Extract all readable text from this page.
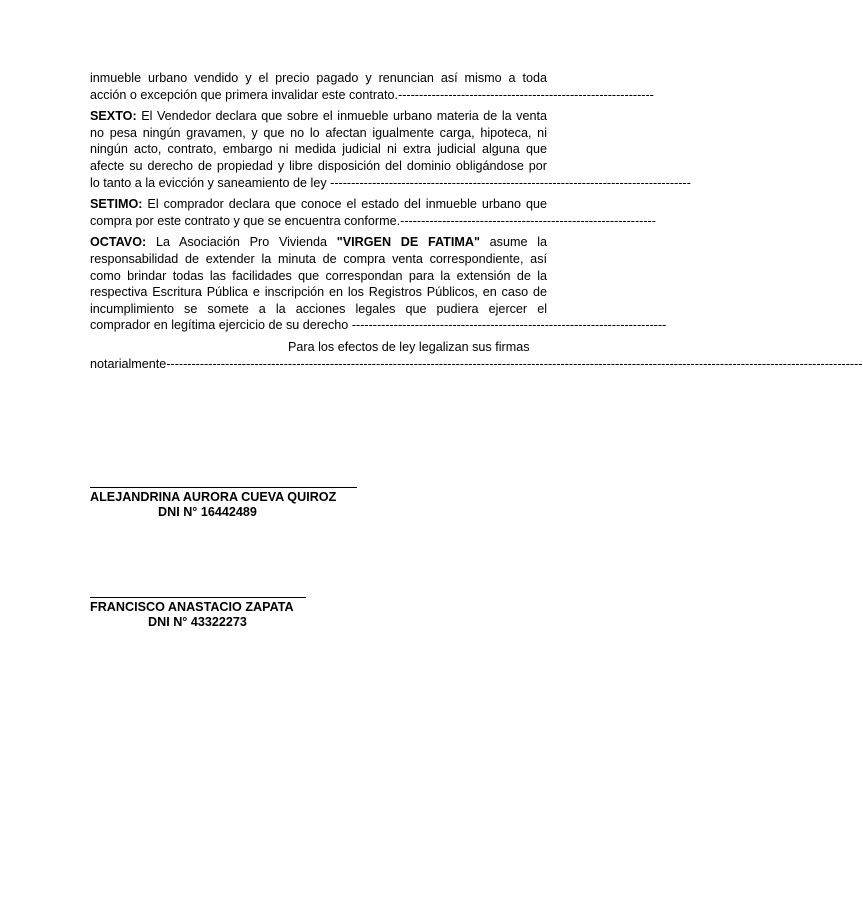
inmueble urbano vendido y el precio pagado y renuncian así mismo a toda
acción o excepción que primera invalidar este contrato. -------------------------------------------------------------
SEXTO: El Vendedor declara que sobre el inmueble urbano materia de la venta
no pesa ningún gravamen, y que no lo afectan igualmente carga, hipoteca, ni
ningún acto, contrato, embargo ni medida judicial ni extra judicial alguna que
afecte su derecho de propiedad y libre disposición del dominio obligándose por
lo tanto a la evicción y saneamiento de ley --------------------------------------------------------------------------------------
SETIMO: El comprador declara que conoce el estado del inmueble urbano que
compra por este contrato y que se encuentra conforme. -------------------------------------------------------------
OCTAVO: La Asociación Pro Vivienda "VIRGEN DE FATIMA" asume la
responsabilidad de extender la minuta de compra venta correspondiente, así
como brindar todas las facilidades que correspondan para la extensión de la
respectiva Escritura Pública e inscripción en los Registros Públicos, en caso de
incumplimiento se somete a la acciones legales que pudiera ejercer el
comprador en legítima ejercicio de su derecho ---------------------------------------------------------------------------
Para los efectos de ley legalizan sus firmas
notarialmente ----------------------------------------------------------------------------------------------------------------------------------------------------------------------
ALEJANDRINA AURORA CUEVA QUIROZ
DNI N° 16442489
FRANCISCO ANASTACIO ZAPATA
DNI N° 43322273
